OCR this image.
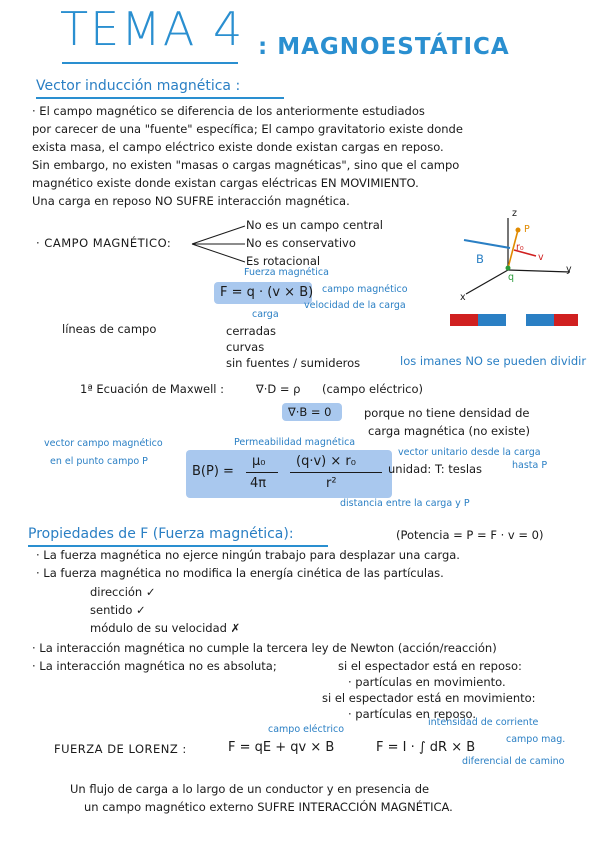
TEMA 4 : MAGNOESTÁTICA
Vector inducción magnética :
· El campo magnético se diferencia de los anteriormente estudiados
por carecer de una "fuente" específica; El campo gravitatorio existe donde
exista masa, el campo eléctrico existe donde existan cargas en reposo.
Sin embargo, no existen "masas o cargas magnéticas", sino que el campo
magnético existe donde existan cargas eléctricas EN MOVIMIENTO.
Una carga en reposo NO SUFRE interacción magnética.
· CAMPO MAGNÉTICO:
No es un campo central
No es conservativo
Es rotacional
Fuerza magnética
F = q · (v × B) campo magnético
velocidad de la carga
carga
z
y
x
P
q
B
r₀
v
líneas de campo	cerradas
curvas
sin fuentes / sumideros	los imanes NO se pueden dividir
1ª Ecuación de Maxwell :	∇·D = ρ (campo eléctrico)
∇·B = 0	porque no tiene densidad de
carga magnética (no existe)
vector campo magnético
en el punto campo P
Permeabilidad magnética
vector unitario desde la carga
hasta P
B(P) =
μ₀
4π
(q·v) × r₀
r²
unidad: T: teslas
distancia entre la carga y P
Propiedades de F (Fuerza magnética):	(Potencia = P = F · v = 0)
· La fuerza magnética no ejerce ningún trabajo para desplazar una carga.
· La fuerza magnética no modifica la energía cinética de las partículas.
dirección ✓
sentido ✓
módulo de su velocidad ✗
· La interacción magnética no cumple la tercera ley de Newton (acción/reacción)
· La interacción magnética no es absoluta;	si el espectador está en reposo:
· partículas en movimiento.
si el espectador está en movimiento:
· partículas en reposo.
campo eléctrico
intensidad de corriente
FUERZA DE LORENZ :	F = qE + qv × B	F = I · ∫ dR × B
campo mag.
diferencial de camino
Un flujo de carga a lo largo de un conductor y en presencia de
un campo magnético externo SUFRE INTERACCIÓN MAGNÉTICA.
